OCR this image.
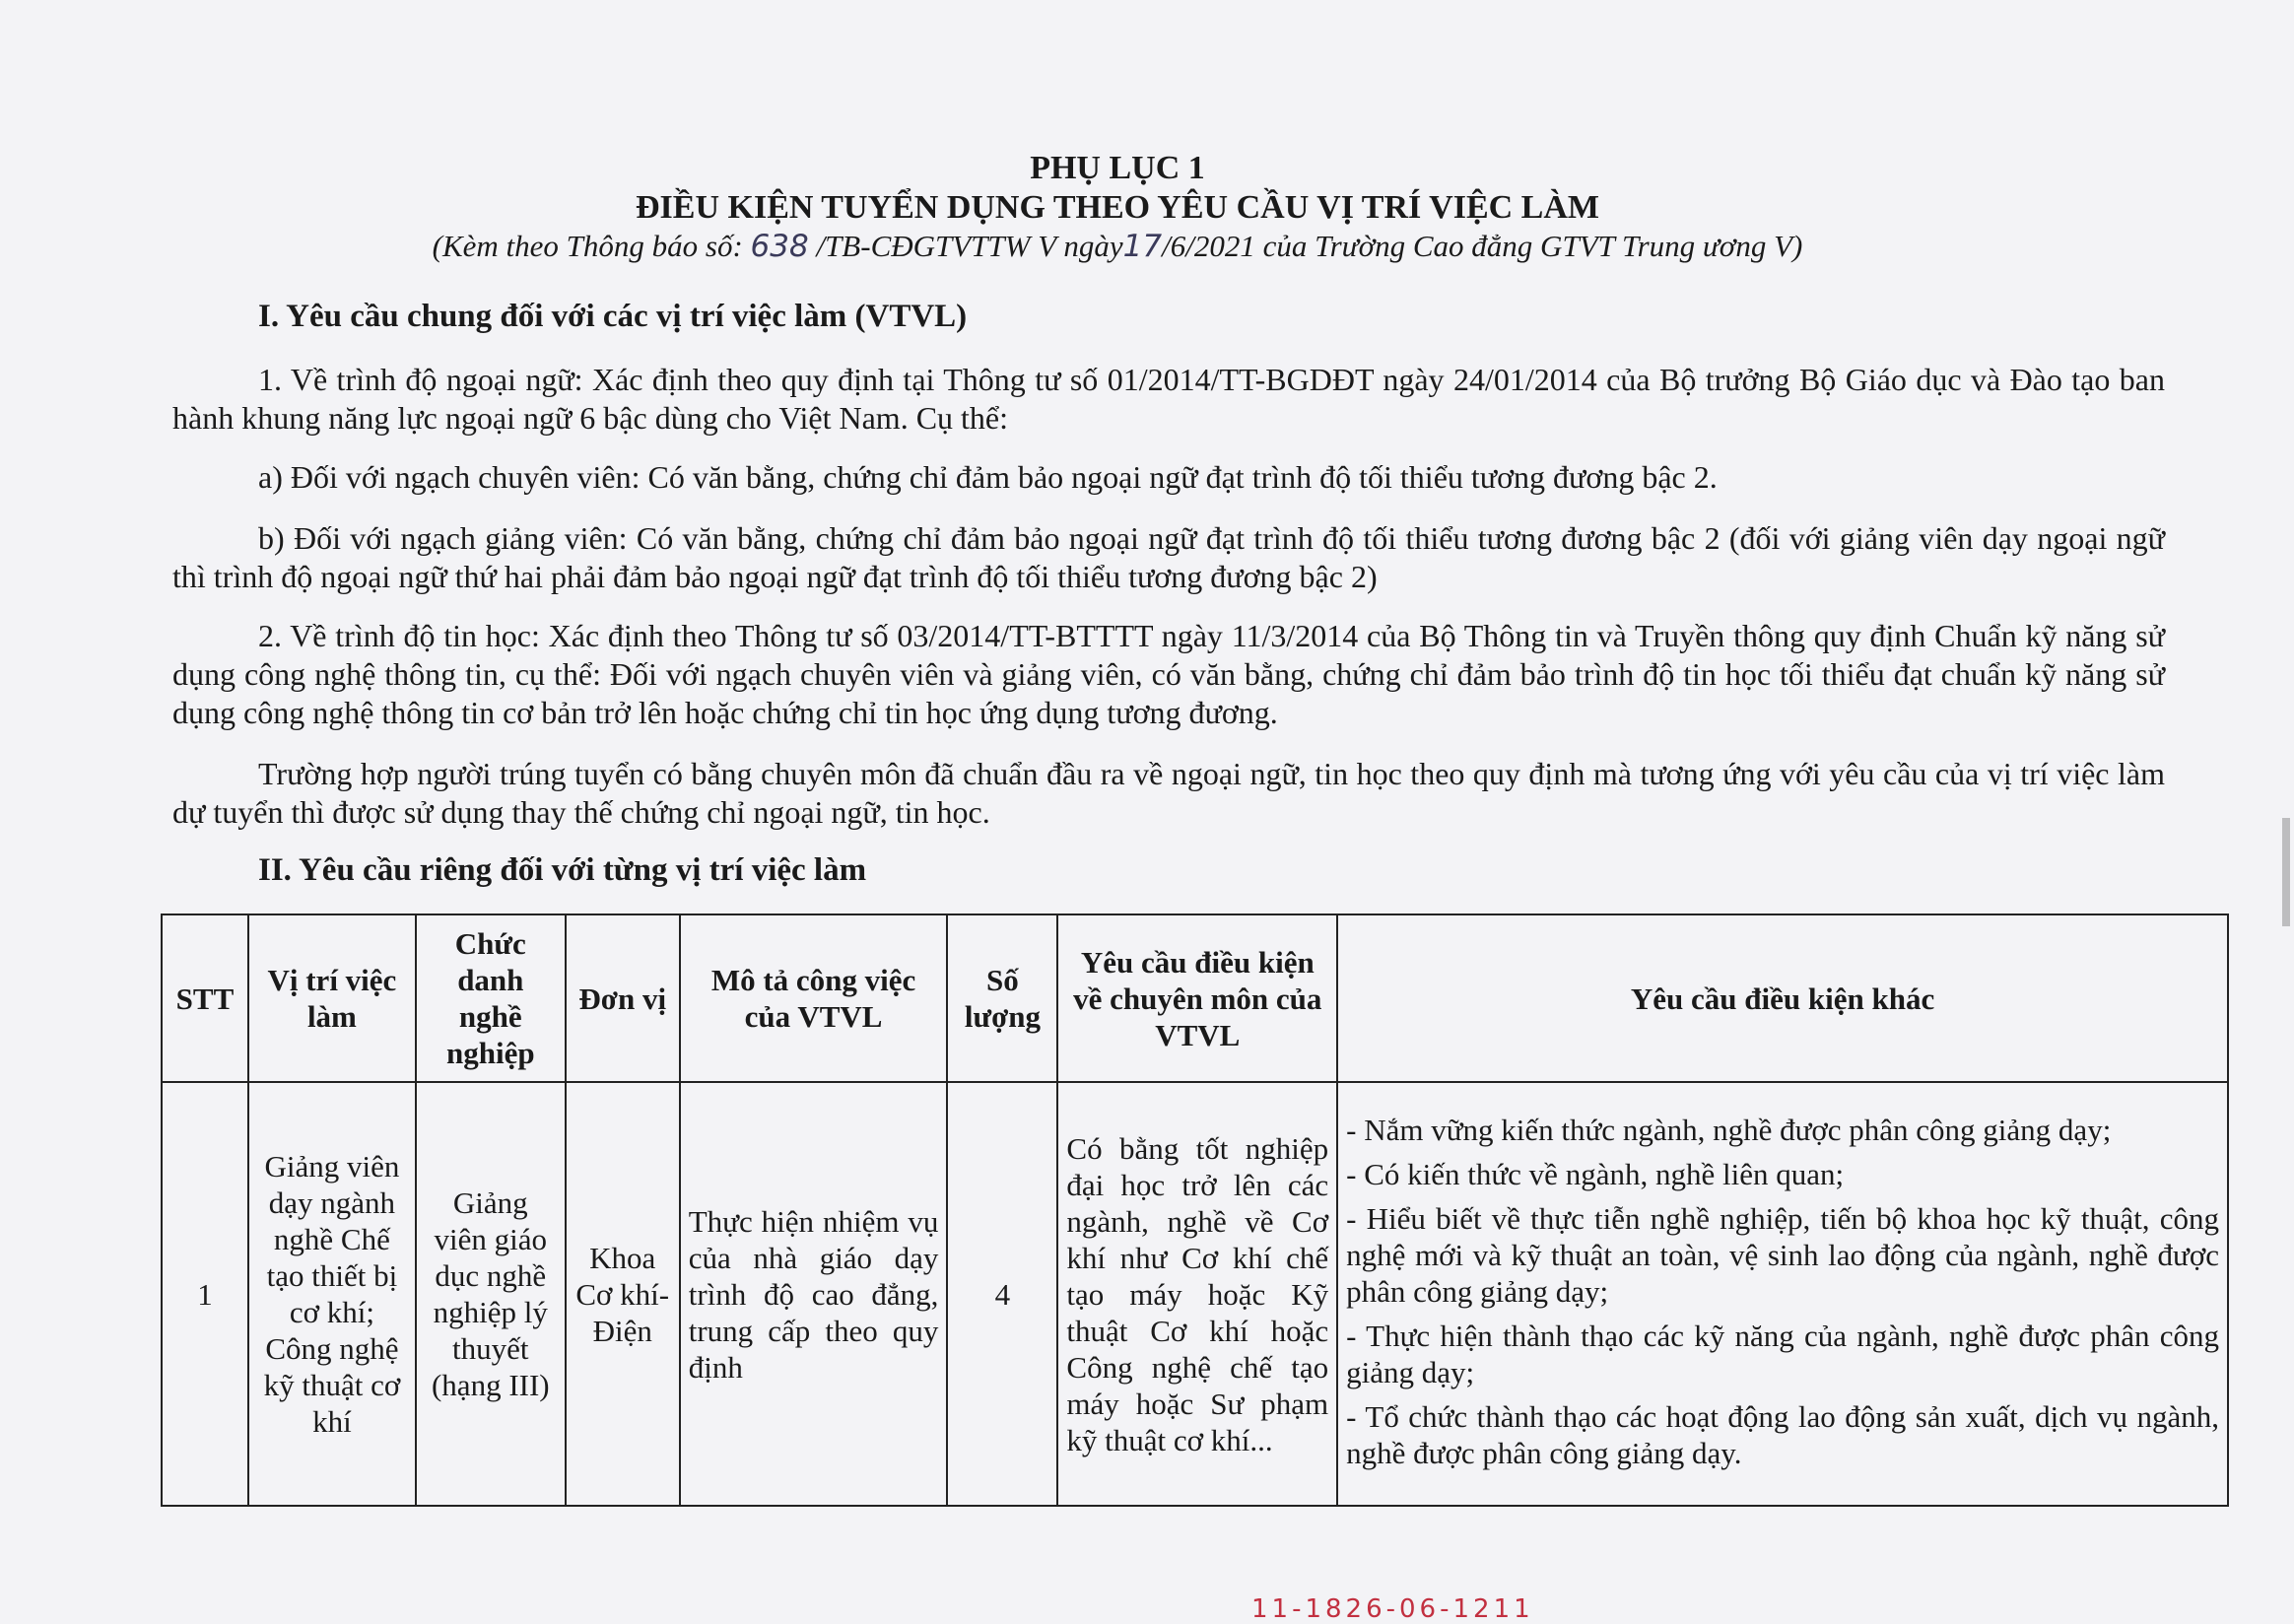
PHỤ LỤC 1
ĐIỀU KIỆN TUYỂN DỤNG THEO YÊU CẦU VỊ TRÍ VIỆC LÀM
(Kèm theo Thông báo số: 638 /TB-CĐGTVTTW V ngày17/6/2021 của Trường Cao đẳng GTVT Trung ương V)
I. Yêu cầu chung đối với các vị trí việc làm (VTVL)
1. Về trình độ ngoại ngữ: Xác định theo quy định tại Thông tư số 01/2014/TT-BGDĐT ngày 24/01/2014 của Bộ trưởng Bộ Giáo dục và Đào tạo ban hành khung năng lực ngoại ngữ 6 bậc dùng cho Việt Nam. Cụ thể:
a) Đối với ngạch chuyên viên: Có văn bằng, chứng chỉ đảm bảo ngoại ngữ đạt trình độ tối thiểu tương đương bậc 2.
b) Đối với ngạch giảng viên: Có văn bằng, chứng chỉ đảm bảo ngoại ngữ đạt trình độ tối thiểu tương đương bậc 2 (đối với giảng viên dạy ngoại ngữ thì trình độ ngoại ngữ thứ hai phải đảm bảo ngoại ngữ đạt trình độ tối thiểu tương đương bậc 2)
2. Về trình độ tin học: Xác định theo Thông tư số 03/2014/TT-BTTTT ngày 11/3/2014 của Bộ Thông tin và Truyền thông quy định Chuẩn kỹ năng sử dụng công nghệ thông tin, cụ thể: Đối với ngạch chuyên viên và giảng viên, có văn bằng, chứng chỉ đảm bảo trình độ tin học tối thiểu đạt chuẩn kỹ năng sử dụng công nghệ thông tin cơ bản trở lên hoặc chứng chỉ tin học ứng dụng tương đương.
Trường hợp người trúng tuyển có bằng chuyên môn đã chuẩn đầu ra về ngoại ngữ, tin học theo quy định mà tương ứng với yêu cầu của vị trí việc làm dự tuyển thì được sử dụng thay thế chứng chỉ ngoại ngữ, tin học.
II. Yêu cầu riêng đối với từng vị trí việc làm
STT	Vị trí việc làm	Chức danh nghề nghiệp	Đơn vị	Mô tả công việc của VTVL	Số lượng	Yêu cầu điều kiện về chuyên môn của VTVL	Yêu cầu điều kiện khác
1	Giảng viên dạy ngành nghề Chế tạo thiết bị cơ khí; Công nghệ kỹ thuật cơ khí	Giảng viên giáo dục nghề nghiệp lý thuyết (hạng III)	Khoa Cơ khí- Điện	Thực hiện nhiệm vụ của nhà giáo dạy trình độ cao đẳng, trung cấp theo quy định	4	Có bằng tốt nghiệp đại học trở lên các ngành, nghề về Cơ khí như Cơ khí chế tạo máy hoặc Kỹ thuật Cơ khí hoặc Công nghệ chế tạo máy hoặc Sư phạm kỹ thuật cơ khí...	- Nắm vững kiến thức ngành, nghề được phân công giảng dạy;
- Có kiến thức về ngành, nghề liên quan;
- Hiểu biết về thực tiễn nghề nghiệp, tiến bộ khoa học kỹ thuật, công nghệ mới và kỹ thuật an toàn, vệ sinh lao động của ngành, nghề được phân công giảng dạy;
- Thực hiện thành thạo các kỹ năng của ngành, nghề được phân công giảng dạy;
- Tổ chức thành thạo các hoạt động lao động sản xuất, dịch vụ ngành, nghề được phân công giảng dạy.
11-1826-06-1211
